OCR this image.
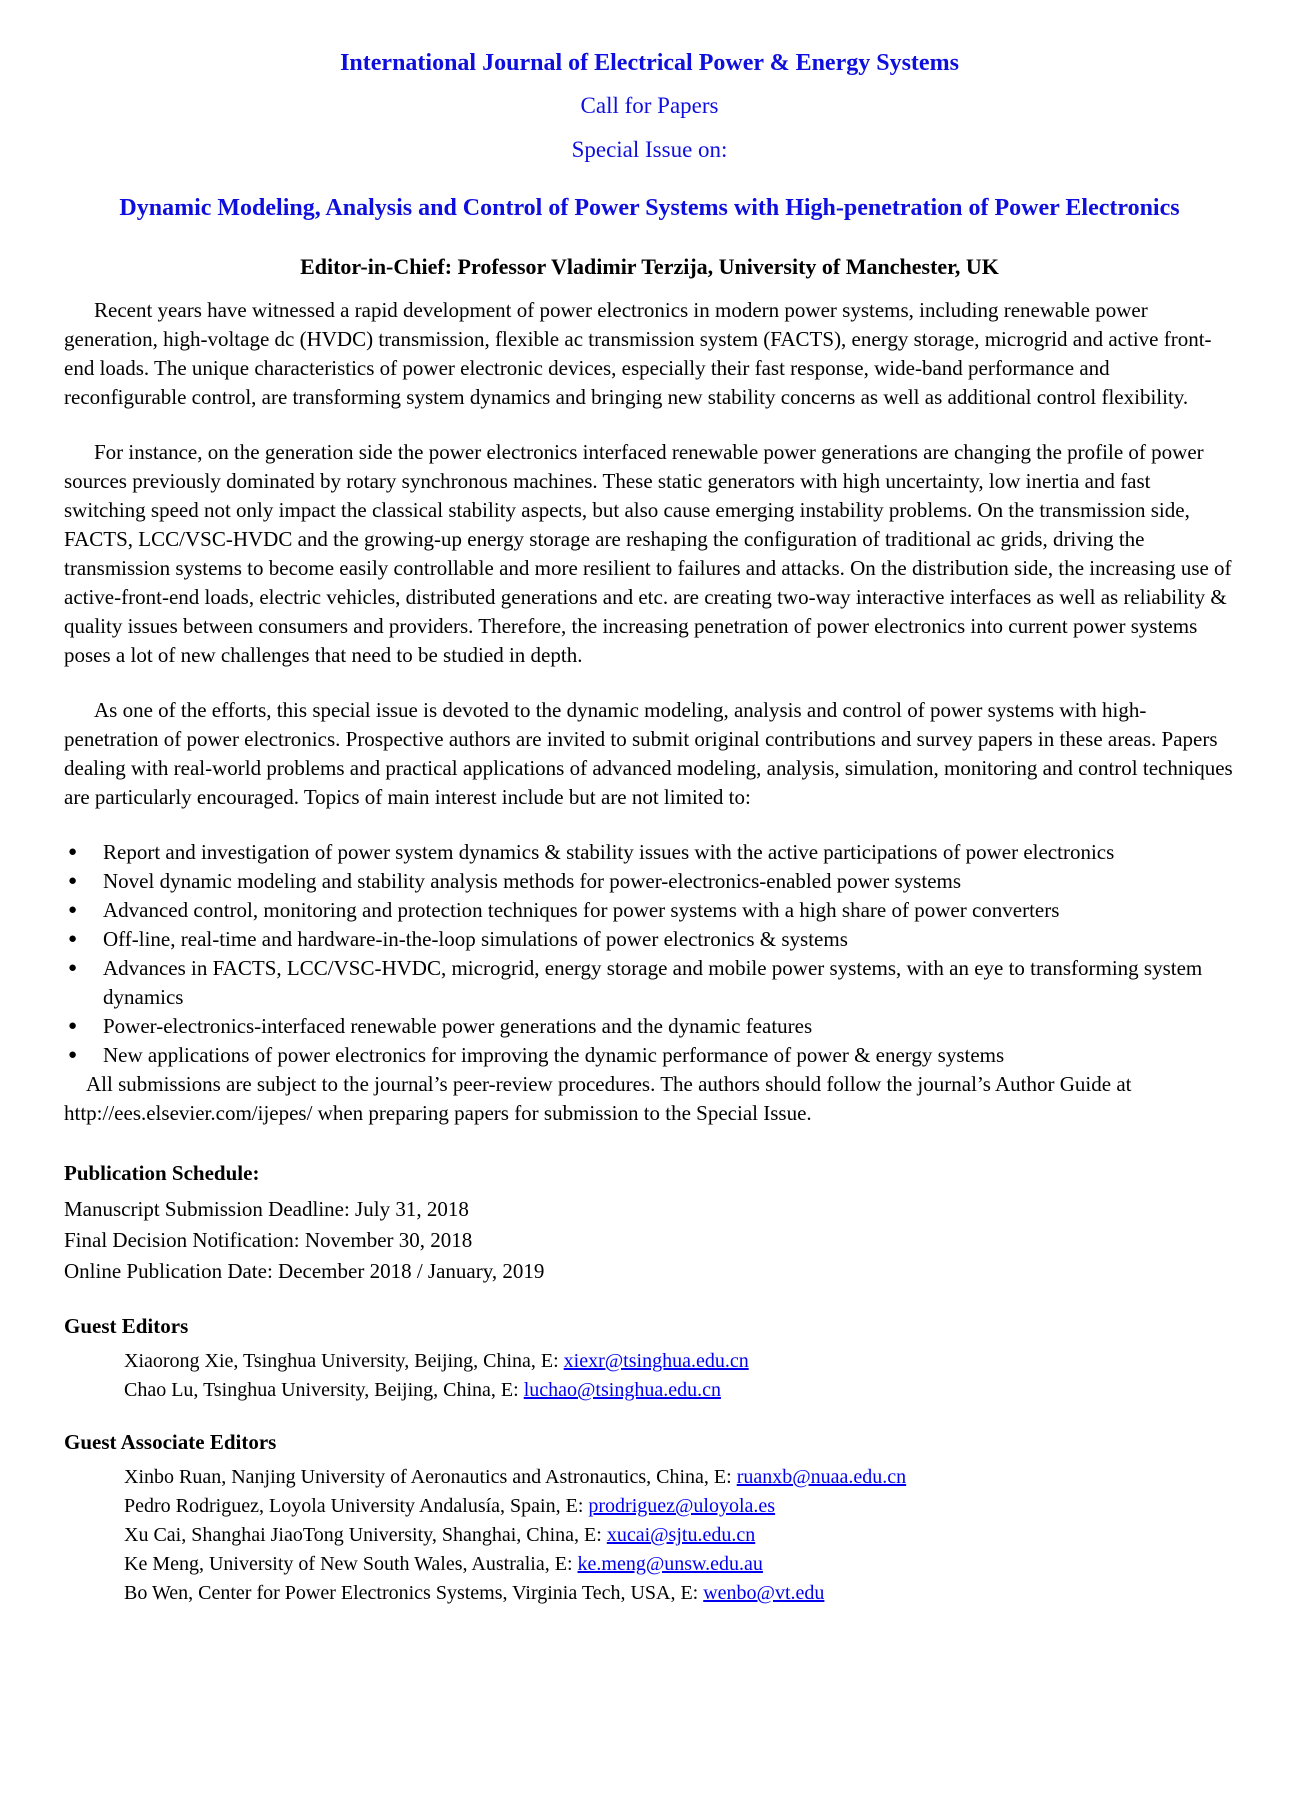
International Journal of Electrical Power & Energy Systems
Call for Papers
Special Issue on:
Dynamic Modeling, Analysis and Control of Power Systems with High-penetration of Power Electronics
Editor-in-Chief: Professor Vladimir Terzija, University of Manchester, UK

Recent years have witnessed a rapid development of power electronics in modern power systems, including renewable power generation, high-voltage dc (HVDC) transmission, flexible ac transmission system (FACTS), energy storage, microgrid and active front-end loads. The unique characteristics of power electronic devices, especially their fast response, wide-band performance and reconfigurable control, are transforming system dynamics and bringing new stability concerns as well as additional control flexibility.

For instance, on the generation side the power electronics interfaced renewable power generations are changing the profile of power sources previously dominated by rotary synchronous machines. These static generators with high uncertainty, low inertia and fast switching speed not only impact the classical stability aspects, but also cause emerging instability problems. On the transmission side, FACTS, LCC/VSC-HVDC and the growing-up energy storage are reshaping the configuration of traditional ac grids, driving the transmission systems to become easily controllable and more resilient to failures and attacks. On the distribution side, the increasing use of active-front-end loads, electric vehicles, distributed generations and etc. are creating two-way interactive interfaces as well as reliability & quality issues between consumers and providers. Therefore, the increasing penetration of power electronics into current power systems poses a lot of new challenges that need to be studied in depth.

As one of the efforts, this special issue is devoted to the dynamic modeling, analysis and control of power systems with high-penetration of power electronics. Prospective authors are invited to submit original contributions and survey papers in these areas. Papers dealing with real-world problems and practical applications of advanced modeling, analysis, simulation, monitoring and control techniques are particularly encouraged. Topics of main interest include but are not limited to:

● Report and investigation of power system dynamics & stability issues with the active participations of power electronics
● Novel dynamic modeling and stability analysis methods for power-electronics-enabled power systems
● Advanced control, monitoring and protection techniques for power systems with a high share of power converters
● Off-line, real-time and hardware-in-the-loop simulations of power electronics & systems
● Advances in FACTS, LCC/VSC-HVDC, microgrid, energy storage and mobile power systems, with an eye to transforming system dynamics
● Power-electronics-interfaced renewable power generations and the dynamic features
● New applications of power electronics for improving the dynamic performance of power & energy systems

All submissions are subject to the journal’s peer-review procedures. The authors should follow the journal’s Author Guide at http://ees.elsevier.com/ijepes/ when preparing papers for submission to the Special Issue.

Publication Schedule:
Manuscript Submission Deadline: July 31, 2018
Final Decision Notification: November 30, 2018
Online Publication Date: December 2018 / January, 2019
Guest Editors
Xiaorong Xie, Tsinghua University, Beijing, China, E: xiexr@tsinghua.edu.cn
Chao Lu, Tsinghua University, Beijing, China, E: luchao@tsinghua.edu.cn
Guest Associate Editors
Xinbo Ruan, Nanjing University of Aeronautics and Astronautics, China, E: ruanxb@nuaa.edu.cn
Pedro Rodriguez, Loyola University Andalusía, Spain, E: prodriguez@uloyola.es
Xu Cai, Shanghai JiaoTong University, Shanghai, China, E: xucai@sjtu.edu.cn
Ke Meng, University of New South Wales, Australia, E: ke.meng@unsw.edu.au
Bo Wen, Center for Power Electronics Systems, Virginia Tech, USA, E: wenbo@vt.edu
